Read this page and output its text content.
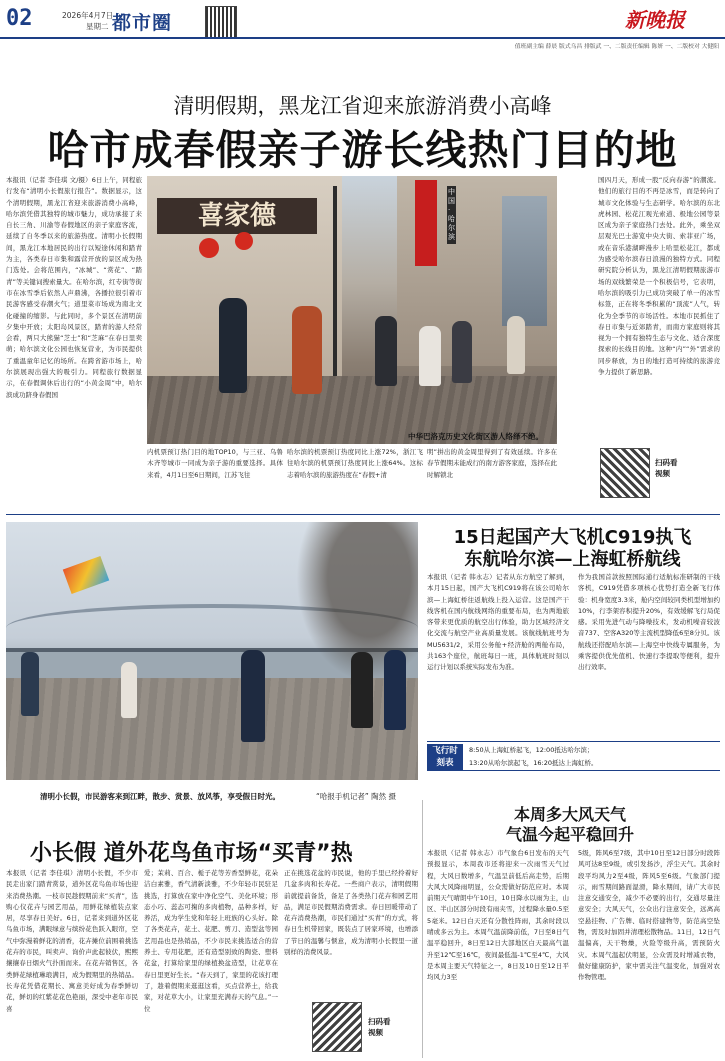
02	2026年4月7日
星期二 都市圈	新晚报
值班副主编 薛晨 版式乌昌 排版武 一、二版责任编辑 陈妍 一、二版校对 大健阳
清明假期，黑龙江省迎来旅游消费小高峰
哈市成春假亲子游长线热门目的地
本报讯（记者 李佳琪 文/摄）6日上午，同程旅行发布“清明小长假旅行报告”。数据显示，这个清明假期，黑龙江省迎来旅游消费小高峰，哈尔滨凭借其独特的城市魅力，成功承接了来自长三角、川渝等春假地区的亲子家庭客流，延续了自冬季以来的旅游热度。清明小长假期间，黑龙江本地居民的出行以短途休闲和踏青为主，各类春日市集和露营开放的景区成为热门选处。会将范围内，“冰城”、“赏花”、“踏青”等关键词搜索量大。在哈尔滨，红专街等街市在冰雪季后依然人声鼎沸，各播拉很引着市民游客感受春潮火气；道里菜市场成为南北文化碰撞的缩影。与此同时，多个景区在清明前夕集中开放；太阳岛风景区，踏青的游人经常会看，两只大熊猫“芝士”和“芝麻”在春日里卖萌；哈尔滨文化公园也恢复营业，为市民提供了重温童年记忆的场所。在跨省游市场上，哈尔滨展现出强大的吸引力。同程旅行数据显示，在春假调休后出行的“小黄金周”中，哈尔滨成功跻身春假国
喜家德
中国·哈尔滨
中华巴洛克历史文化街区游人络绎不绝。
内机票预订热门目的地TOP10，与三亚、乌鲁木齐等城市一同成为亲子游的重要选择。具体来看，4月1日至6日期间，江苏飞往
哈尔滨的机票预订热度同比上涨72%，浙江飞往哈尔滨的机票预订热度同比上涨64%。这标志着哈尔滨的旅游热度在“春假+清
明”拼出的黄金周里得到了有效延续。许多在春节假期未能成行的南方游客家庭，选择在此时解锁北
国四月天，形成一股“反向春游”的潮流。他们的旅行目的不再是冰雪，而是转向了城市文化体验与生态研学。哈尔滨的东北虎林园、松花江观光索道、极地公园等景区成为亲子家庭热门去处。此外，乘坐双层观光巴士游览中央大街、索菲亚广场，或在音乐港湖畔漫步上哈里松花江，都成为感受哈尔滨春日浪漫的独特方式。同程研究院分析认为，黑龙江清明假期旅游市场的双线繁荣是一个积极信号，它表明，哈尔滨的吸引力已成功突破了单一的冰雪标签，正在将冬季积累的“顶流”人气，转化为全季节的市场活性。本地市民抓住了春日市集与近郊踏青，而南方家庭则将其视为一个拥有独特生态与文化、适合深度探索的长线目的地。这种“内”“外”需求的同步释放，为日的地打造可持续的旅游竞争力提供了新思路。
扫码看视频
清明小长假，市民游客来到江畔，散步、赏景、放风筝，享受假日时光。	“哈报手机记者” 陶然 摄
15日起国产大飞机C919执飞
东航哈尔滨—上海虹桥航线
本报讯（记者 韩永志）记者从东方航空了解到，本月15日起，国产大飞机C919将在该公司哈尔滨—上海虹桥往返航线上投入运营。这是国产干线客机在国内航线网络的重要布局，也为两地旅客带来更优质的航空出行体验，助力区域经济文化交流与航空产业高质量发展。该航线航班号为MU5631/2，采用公务舱+经济舱的两舱布局，共163个座位，航班每日一班，具体航班时刻以运行计划以系统实际发布为准。
作为我国首款按照国际通行适航标准研制的干线客机，C919凭借多项核心优势打造全新飞行体验：机身宽度3.3米，舱内空间较同类机型增加约10%，行李架容积提升20%，有效缓解飞行局促感。采用先进气动与降噪技术，发动机噪音较波音737、空客A320等主流机型降低6至8分贝。该航线还搭配哈尔滨—上海空中快线专属服务，为乘客提供优先值机、快速行李提取等便利，提升出行效率。
飞行时刻表
8:50从上海虹桥起飞，12:00抵达哈尔滨；
13:20从哈尔滨起飞，16:20抵达上海虹桥。
本周多大风天气
气温今起平稳回升
本报讯（记者 韩永志）市气象台6日发布的天气预报显示，本周我市还将迎来一次雨雪天气过程，大风日数增多，气温呈前低后高走势，后期大风大风降雨明显，公众需做好防范应对。本周前期天气晴朗中午10日，10日降水以雨为主，山区、半山区部分时段有雨夹雪，过程降水量0.5至5毫米。12日白天还有分散性阵雨，其余时段以晴或多云为主。本周气温前降前低，7日至8日气温平稳回升，8日至12日大部地区白天最高气温升至12℃至16℃，夜间最低温-1℃至4℃，大风是本周主要天气特征之一，8日及10日至12日平均风力3至
5级，阵风6至7级，其中10日至12日部分时段阵风可达8至9级，或引发扬沙，浮尘天气。其余时段平均风力2至4级，阵风5至6级。气象部门提示，雨雪期间路面湿滑，降水期间，请广大市民注意交通安全，减少不必要的出行，交通尽量注意安全；大风天气，公众出行注意安全，远离高空悬挂物、广告牌、临时搭建物等，防范高空坠物，需及时加固并清理松散物品。11日，12日气温偏高，天干物燥，火险等级升高，需预防火灾。本周气温起伏明显，公众需及时增减衣物，做好健康防护，家中需关注气温变化，加强对农作物管理。
小长假 道外花鸟鱼市场“买青”热
本报讯（记者 李佳琪）清明小长假，不少市民走出家门踏青赏景，道外区花鸟鱼市场也迎来消费热潮。一枝市民趁假期前来“买青”，选购心仪花卉与园艺用品，用鲜花绿植装点家居，尽享春日美好。6日，记者来到道外区花鸟鱼市场，满眼绿意与缤纷花色跃入眼帘，空气中弥漫着鲜花的清香，花卉摊位前围着挑选花卉的市民，叫卖声、询价声此起彼伏，熙熙攘攘春日烟火气扑面而来。在花卉销售区，各类鲜花绿植琳琅满目，成为假期里的热销品。长寿花凭借花期长、寓意美好成为春季鲜切花，鲜切的红紫花花色艳丽，深受中老年市民喜
爱；茉莉、百合、栀子花等芳香型鲜花，花朵洁白素雅，香气清新淡雅，不少年轻市民驻足挑选，打算放在家中净化空气、美化环境；形态小巧、蕊态可掬的多肉植物，品种多样，好养活，成为学生党和年轻上班族的心头好。除了各类花卉，花土、花肥、剪刀、造型盆等园艺用品也是热销品，不少市民来挑选适合的营养土、专用花肥，还有造型别致的陶瓷、塑料花盆，打算给家里的绿植换盆造型，让花草在春日里更好生长。“春天到了，家里的花该打理了，趁着假期来逛逛这看，买点营养土，给我家，对花草大小，让家里充满春天的气息。”一位
正在挑选花盆的市民说，他的手里已经拎着好几盆多肉和长寿花。一些商户表示，清明假期前就提前备货，备足了各类热门花卉和园艺用品，满足市民假期消费需求。春日回暖带动了花卉消费热潮，市民们通过“买青”的方式，将春日生机带回家，既装点了居家环境，也增添了节日的温馨与惬意，成为清明小长假里一道别样的消费风景。
扫码看视频
